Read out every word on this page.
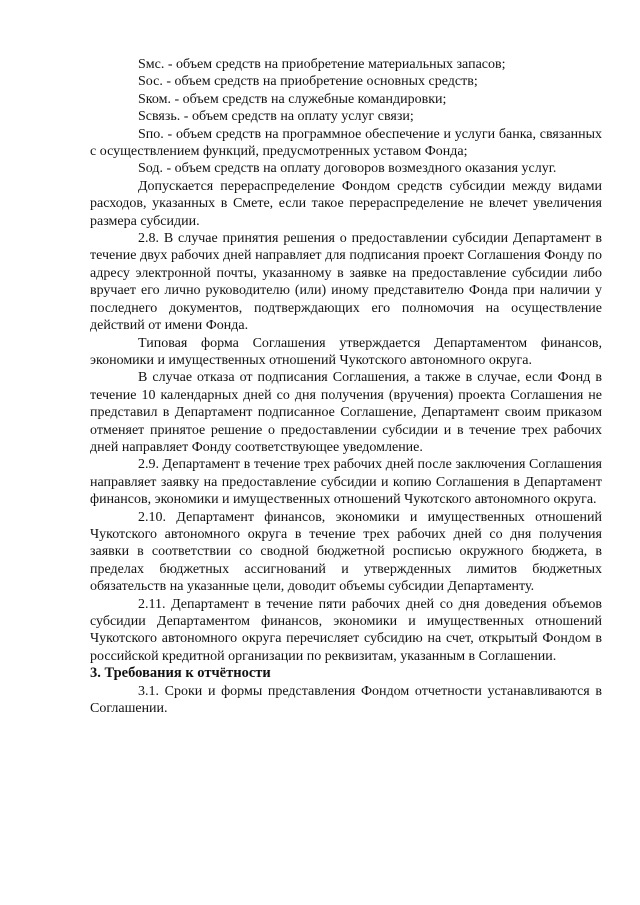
Sмс. - объем средств на приобретение материальных запасов;

Sос. - объем средств на приобретение основных средств;

Sком. - объем средств на служебные командировки;

Sсвязь. - объем средств на оплату услуг связи;

Sпо. - объем средств на программное обеспечение и услуги банка, связанных с осуществлением функций, предусмотренных уставом Фонда;

Sод. - объем средств на оплату договоров возмездного оказания услуг.

Допускается перераспределение Фондом средств субсидии между видами расходов, указанных в Смете, если такое перераспределение не влечет увеличения размера субсидии.

2.8. В случае принятия решения о предоставлении субсидии Департамент в течение двух рабочих дней направляет для подписания проект Соглашения Фонду по адресу электронной почты, указанному в заявке на предоставление субсидии либо вручает его лично руководителю (или) иному представителю Фонда при наличии у последнего документов, подтверждающих его полномочия на осуществление действий от имени Фонда.

Типовая форма Соглашения утверждается Департаментом финансов, экономики и имущественных отношений Чукотского автономного округа.

В случае отказа от подписания Соглашения, а также в случае, если Фонд в течение 10 календарных дней со дня получения (вручения) проекта Соглашения не представил в Департамент подписанное Соглашение, Департамент своим приказом отменяет принятое решение о предоставлении субсидии и в течение трех рабочих дней направляет Фонду соответствующее уведомление.

2.9. Департамент в течение трех рабочих дней после заключения Соглашения направляет заявку на предоставление субсидии и копию Соглашения в Департамент финансов, экономики и имущественных отношений Чукотского автономного округа.

2.10. Департамент финансов, экономики и имущественных отношений Чукотского автономного округа в течение трех рабочих дней со дня получения заявки в соответствии со сводной бюджетной росписью окружного бюджета, в пределах бюджетных ассигнований и утвержденных лимитов бюджетных обязательств на указанные цели, доводит объемы субсидии Департаменту.

2.11. Департамент в течение пяти рабочих дней со дня доведения объемов субсидии Департаментом финансов, экономики и имущественных отношений Чукотского автономного округа перечисляет субсидию на счет, открытый Фондом в российской кредитной организации по реквизитам, указанным в Соглашении.

3. Требования к отчётности

3.1. Сроки и формы представления Фондом отчетности устанавливаются в Соглашении.
